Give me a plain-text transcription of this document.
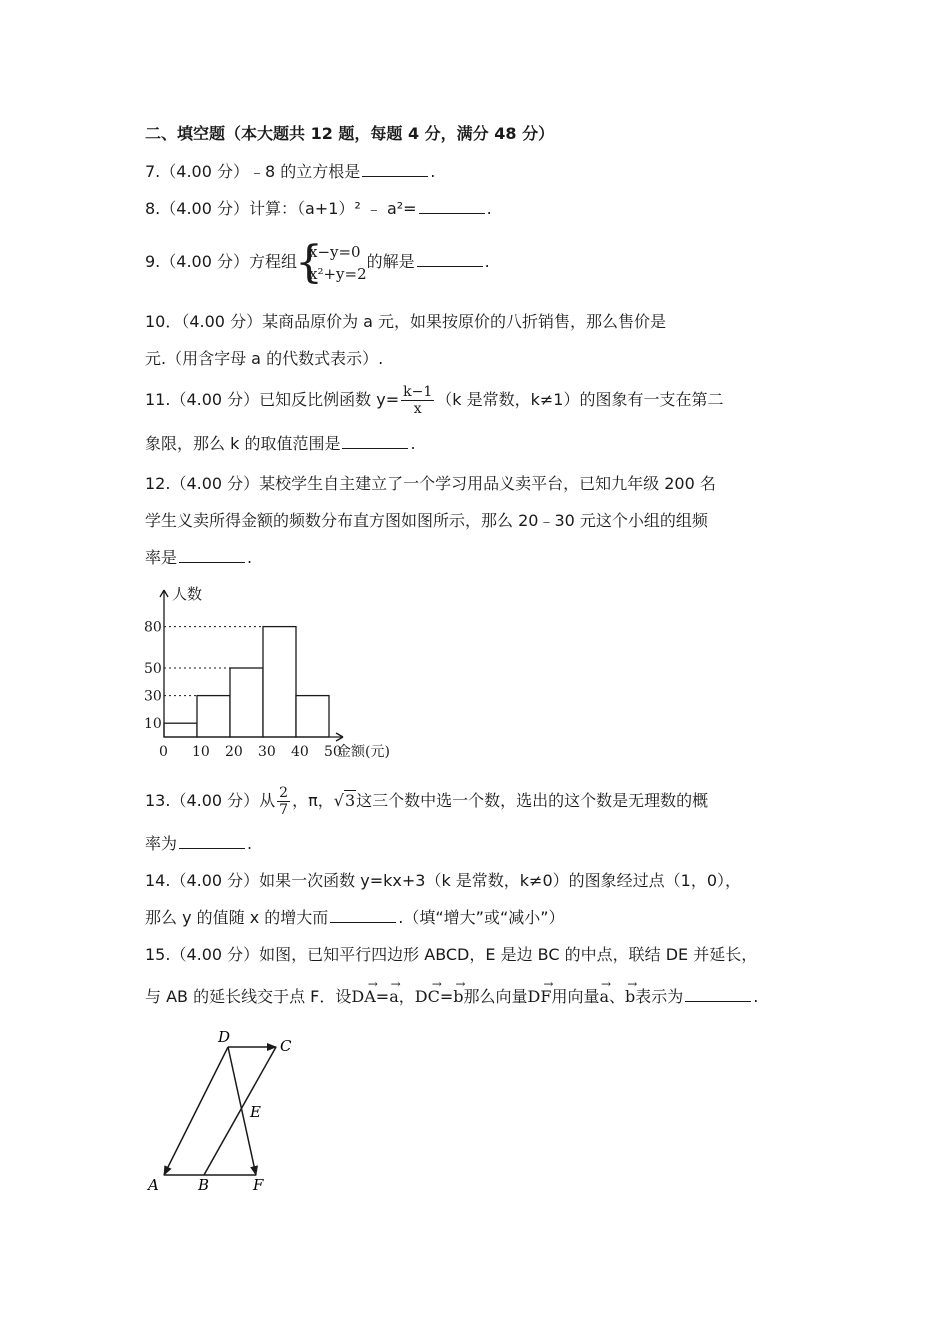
二、填空题（本大题共 12 题，每题 4 分，满分 48 分）
7.（4.00 分）﹣8 的立方根是	.
8.（4.00 分）计算：（a+1）² ﹣ a²=	.
9.（4.00 分）方程组
{
x−y=0
x²+y=2
的解是	.
10．（4.00 分）某商品原价为 a 元，如果按原价的八折销售，那么售价是
元.（用含字母 a 的代数式表示）.
11.（4.00 分）已知反比例函数 $y= \frac{k-1}{x} (k$ 是常数，k≠1）的图象有一支在第二
象限，那么 k 的取值范围是	.
12.（4.00 分）某校学生自主建立了一个学习用品义卖平台，已知九年级 200 名
学生义卖所得金额的频数分布直方图如图所示，那么 20﹣30 元这个小组的组频
率是	.
10
30
50
80
0 10 20 30 40 50
人数
金额(元)
13.（4.00 分）从 $\frac{2}{7}$ ，π，√3这三个数中选一个数，选出的这个数是无理数的概
率为	.
14.（4.00 分）如果一次函数 y=kx+3（k 是常数，k≠0）的图象经过点（1，0），
那么 y 的值随 x 的增大而	.（填“增大”或“减小”）
15.（4.00 分）如图，已知平行四边形 ABCD，E 是边 BC 的中点，联结 DE 并延长，
与 AB 的延长线交于点 F．设→ DA=→ a，→ DC=→ b那么向量→ DF用向量→ a、→ b表示为	.
D	C
E
A	B	F
